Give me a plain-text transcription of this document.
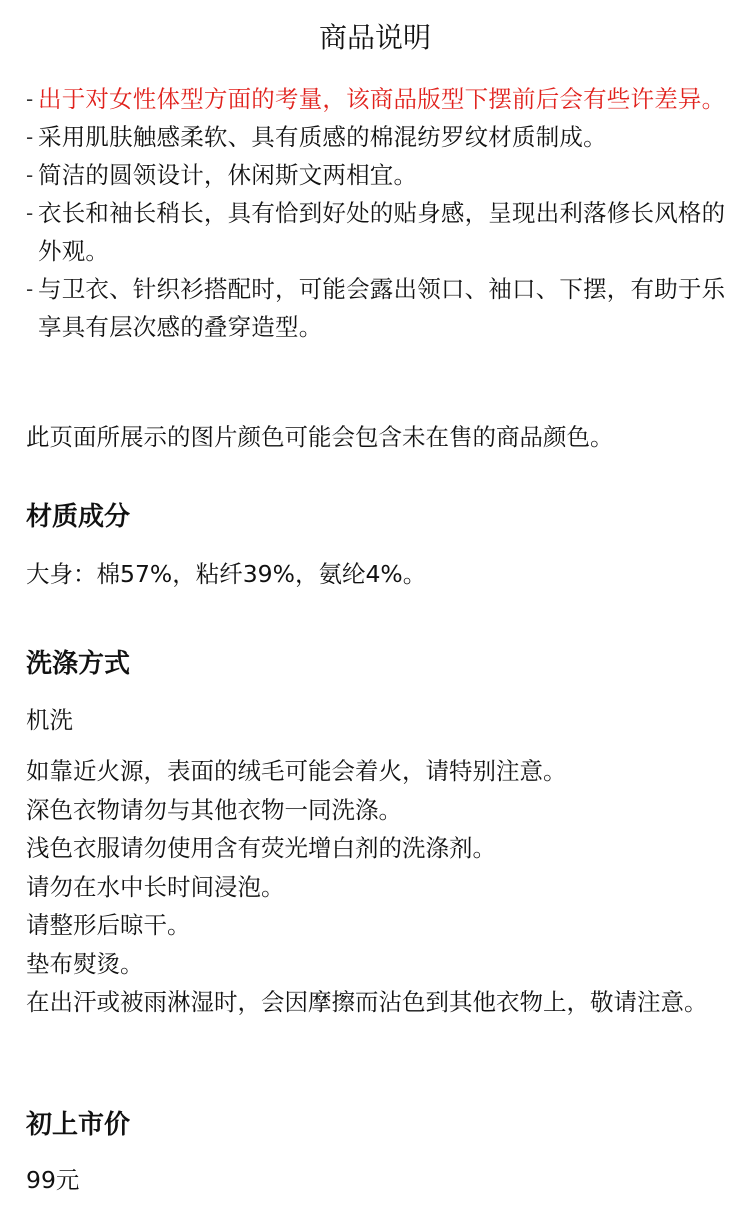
商品说明
- 出于对女性体型方面的考量，该商品版型下摆前后会有些许差异。
- 采用肌肤触感柔软、具有质感的棉混纺罗纹材质制成。
- 简洁的圆领设计，休闲斯文两相宜。
- 衣长和袖长稍长，具有恰到好处的贴身感，呈现出利落修长风格的外观。
- 与卫衣、针织衫搭配时，可能会露出领口、袖口、下摆，有助于乐享具有层次感的叠穿造型。
此页面所展示的图片颜色可能会包含未在售的商品颜色。
材质成分
大身：棉57%，粘纤39%，氨纶4%。
洗涤方式
机洗
如靠近火源，表面的绒毛可能会着火，请特别注意。
深色衣物请勿与其他衣物一同洗涤。
浅色衣服请勿使用含有荧光增白剂的洗涤剂。
请勿在水中长时间浸泡。
请整形后晾干。
垫布熨烫。
在出汗或被雨淋湿时，会因摩擦而沾色到其他衣物上，敬请注意。
初上市价
99元
